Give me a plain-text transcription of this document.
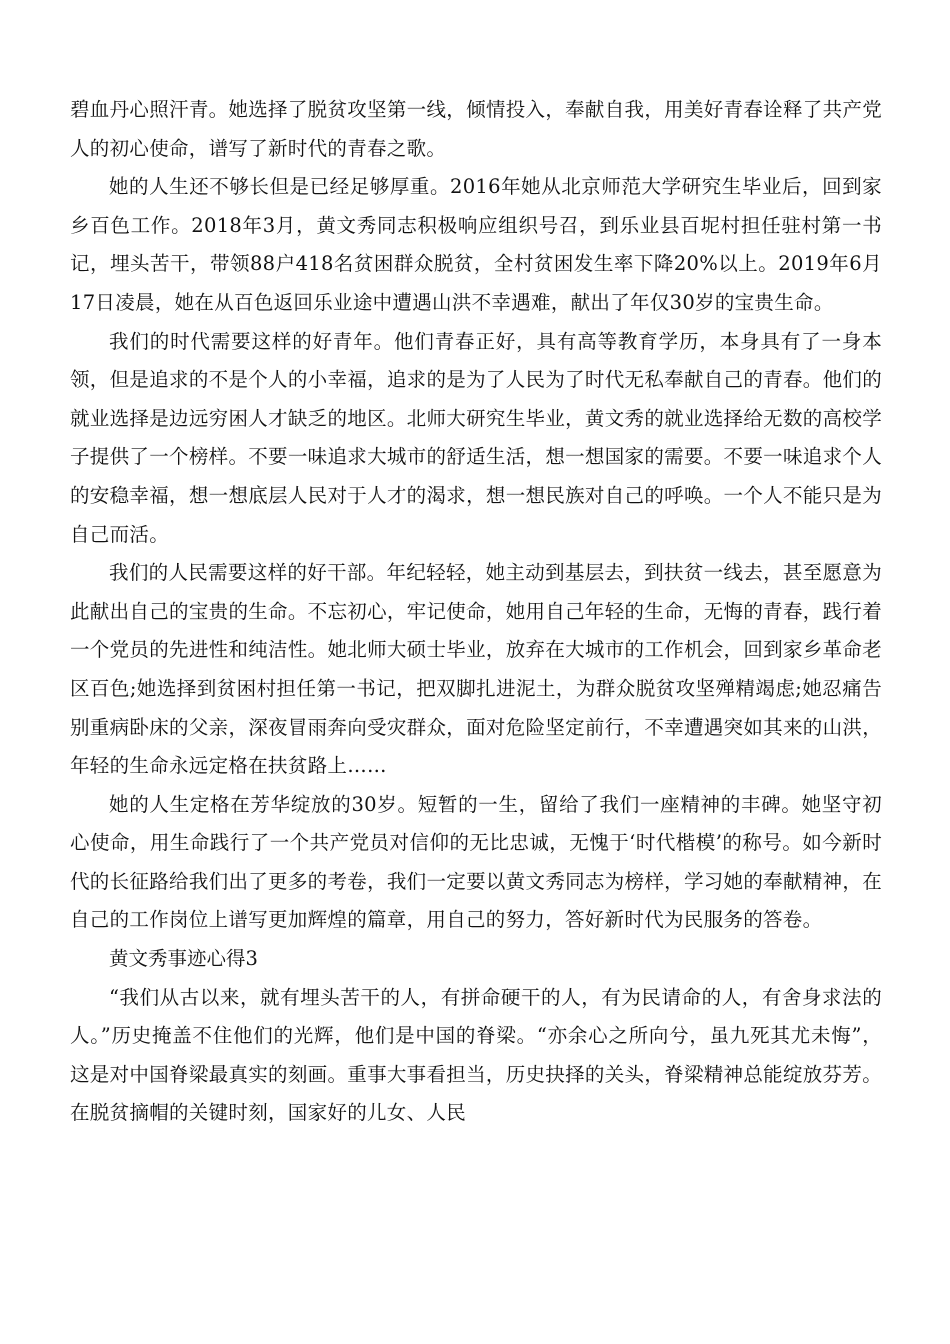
碧血丹心照汗青。她选择了脱贫攻坚第一线，倾情投入，奉献自我，用美好青春诠释了共产党人的初心使命，谱写了新时代的青春之歌。

她的人生还不够长但是已经足够厚重。2016年她从北京师范大学研究生毕业后，回到家乡百色工作。2018年3月，黄文秀同志积极响应组织号召，到乐业县百坭村担任驻村第一书记，埋头苦干，带领88户418名贫困群众脱贫，全村贫困发生率下降20%以上。2019年6月17日凌晨，她在从百色返回乐业途中遭遇山洪不幸遇难，献出了年仅30岁的宝贵生命。

我们的时代需要这样的好青年。他们青春正好，具有高等教育学历，本身具有了一身本领，但是追求的不是个人的小幸福，追求的是为了人民为了时代无私奉献自己的青春。他们的就业选择是边远穷困人才缺乏的地区。北师大研究生毕业，黄文秀的就业选择给无数的高校学子提供了一个榜样。不要一味追求大城市的舒适生活，想一想国家的需要。不要一味追求个人的安稳幸福，想一想底层人民对于人才的渴求，想一想民族对自己的呼唤。一个人不能只是为自己而活。

我们的人民需要这样的好干部。年纪轻轻，她主动到基层去，到扶贫一线去，甚至愿意为此献出自己的宝贵的生命。不忘初心，牢记使命，她用自己年轻的生命，无悔的青春，践行着一个党员的先进性和纯洁性。她北师大硕士毕业，放弃在大城市的工作机会，回到家乡革命老区百色;她选择到贫困村担任第一书记，把双脚扎进泥土，为群众脱贫攻坚殚精竭虑;她忍痛告别重病卧床的父亲，深夜冒雨奔向受灾群众，面对危险坚定前行，不幸遭遇突如其来的山洪，年轻的生命永远定格在扶贫路上……

她的人生定格在芳华绽放的30岁。短暂的一生，留给了我们一座精神的丰碑。她坚守初心使命，用生命践行了一个共产党员对信仰的无比忠诚，无愧于‘时代楷模’的称号。如今新时代的长征路给我们出了更多的考卷，我们一定要以黄文秀同志为榜样，学习她的奉献精神，在自己的工作岗位上谱写更加辉煌的篇章，用自己的努力，答好新时代为民服务的答卷。

黄文秀事迹心得3

“我们从古以来，就有埋头苦干的人，有拼命硬干的人，有为民请命的人，有舍身求法的人。”历史掩盖不住他们的光辉，他们是中国的脊梁。“亦余心之所向兮，虽九死其尤未悔”，这是对中国脊梁最真实的刻画。重事大事看担当，历史抉择的关头，脊梁精神总能绽放芬芳。在脱贫摘帽的关键时刻，国家好的儿女、人民
